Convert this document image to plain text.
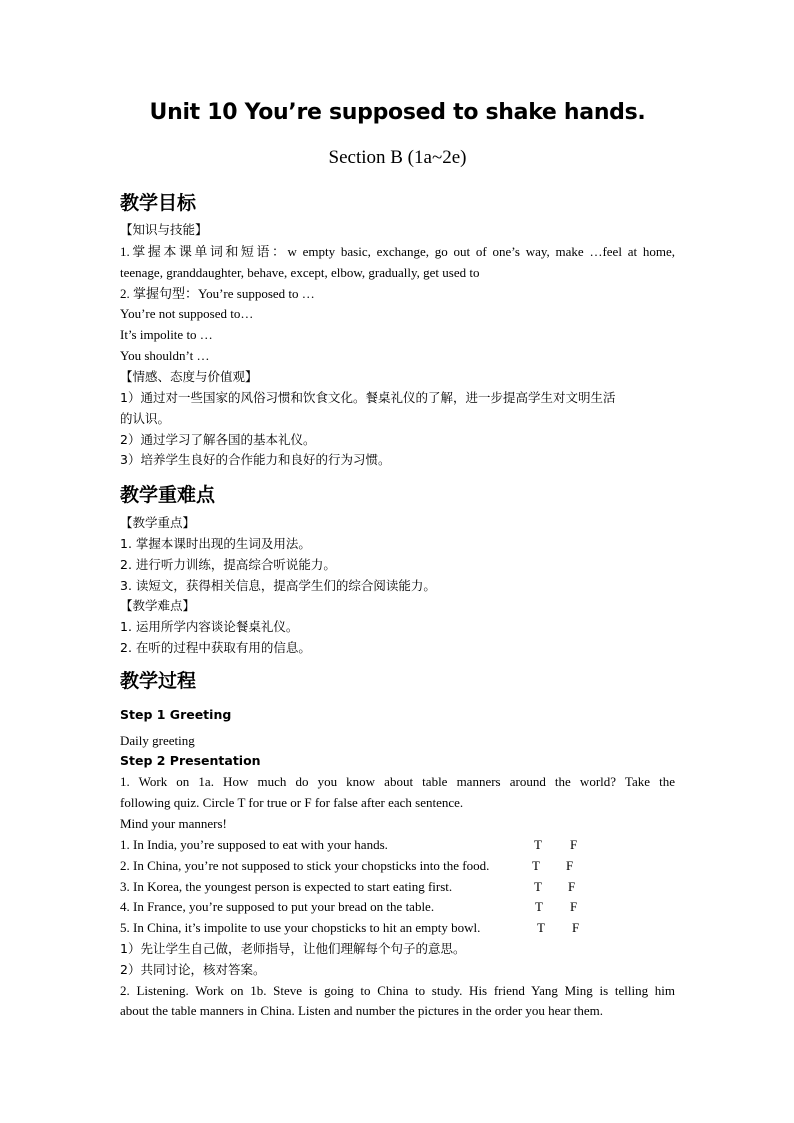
Unit 10 You’re supposed to shake hands.
Section B (1a~2e)
教学目标
【知识与技能】
1.掌握本课单词和短语：w empty basic, exchange, go out of one’s way, make …feel at home,
teenage, granddaughter, behave, except, elbow, gradually, get used to
2. 掌握句型：You’re supposed to …
You’re not supposed to…
It’s impolite to …
You shouldn’t …
【情感、态度与价值观】
1）通过对一些国家的风俗习惯和饮食文化。餐桌礼仪的了解，进一步提高学生对文明生活
的认识。
2）通过学习了解各国的基本礼仪。
3）培养学生良好的合作能力和良好的行为习惯。
教学重难点
【教学重点】
1. 掌握本课时出现的生词及用法。
2. 进行听力训练，提高综合听说能力。
3. 读短文，获得相关信息，提高学生们的综合阅读能力。
【教学难点】
1. 运用所学内容谈论餐桌礼仪。
2. 在听的过程中获取有用的信息。
教学过程
Step 1 Greeting
Daily greeting
Step 2 Presentation
1. Work on 1a. How much do you know about table manners around the world? Take the
following quiz. Circle T for true or F for false after each sentence.
Mind your manners!
1. In India, you’re supposed to eat with your hands.	T F
2. In China, you’re not supposed to stick your chopsticks into the food.	T F
3. In Korea, the youngest person is expected to start eating first.	T F
4. In France, you’re supposed to put your bread on the table.	T F
5. In China, it’s impolite to use your chopsticks to hit an empty bowl.	T F
1）先让学生自己做，老师指导，让他们理解每个句子的意思。
2）共同讨论，核对答案。
2. Listening. Work on 1b. Steve is going to China to study. His friend Yang Ming is telling him
about the table manners in China. Listen and number the pictures in the order you hear them.
